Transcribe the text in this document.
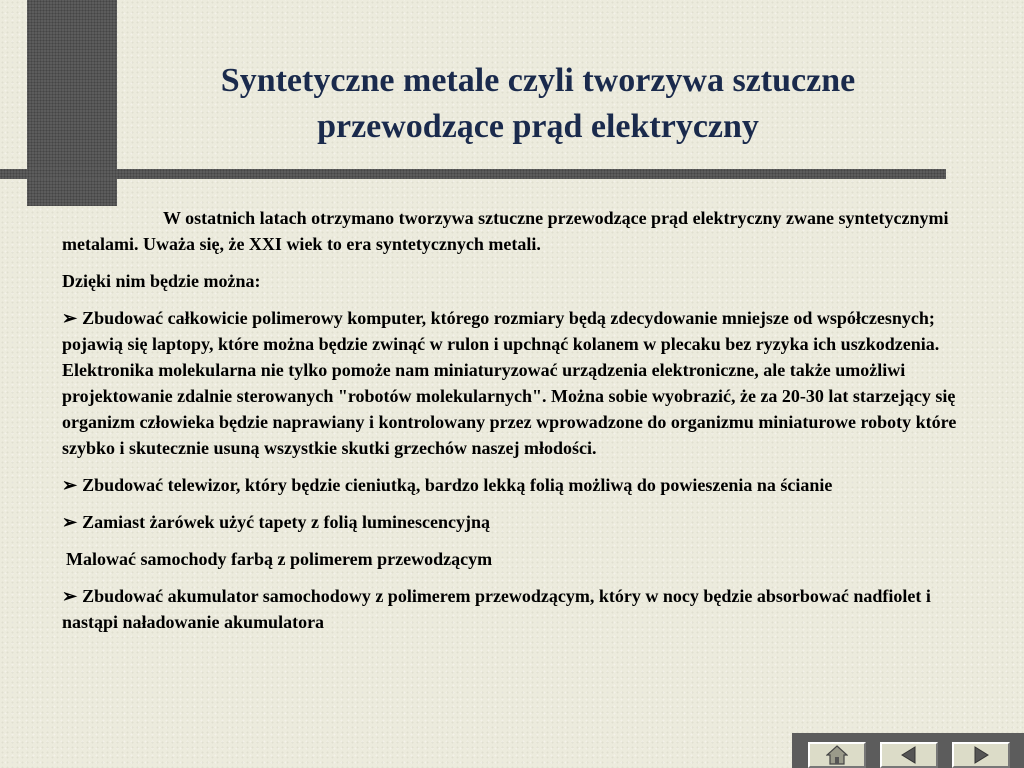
Syntetyczne metale czyli tworzywa sztuczne
przewodzące prąd elektryczny

W ostatnich latach otrzymano tworzywa sztuczne przewodzące prąd elektryczny zwane syntetycznymi metalami. Uważa się, że XXI wiek to era syntetycznych metali.

Dzięki nim będzie można:

➢ Zbudować całkowicie polimerowy komputer, którego rozmiary będą zdecydowanie mniejsze od współczesnych; pojawią się laptopy, które można będzie zwinąć w rulon i upchnąć kolanem w plecaku bez ryzyka ich uszkodzenia. Elektronika molekularna nie tylko pomoże nam miniaturyzować urządzenia elektroniczne, ale także umożliwi projektowanie zdalnie sterowanych "robotów molekularnych". Można sobie wyobrazić, że za 20-30 lat starzejący się organizm człowieka będzie naprawiany i kontrolowany przez wprowadzone do organizmu miniaturowe roboty które szybko i skutecznie usuną wszystkie skutki grzechów naszej młodości.

➢ Zbudować telewizor, który będzie cieniutką, bardzo lekką folią możliwą do powieszenia na ścianie

➢ Zamiast żarówek użyć tapety z folią luminescencyjną

Malować samochody farbą z polimerem przewodzącym

➢ Zbudować akumulator samochodowy z polimerem przewodzącym, który w nocy będzie absorbować nadfiolet i nastąpi naładowanie akumulatora
